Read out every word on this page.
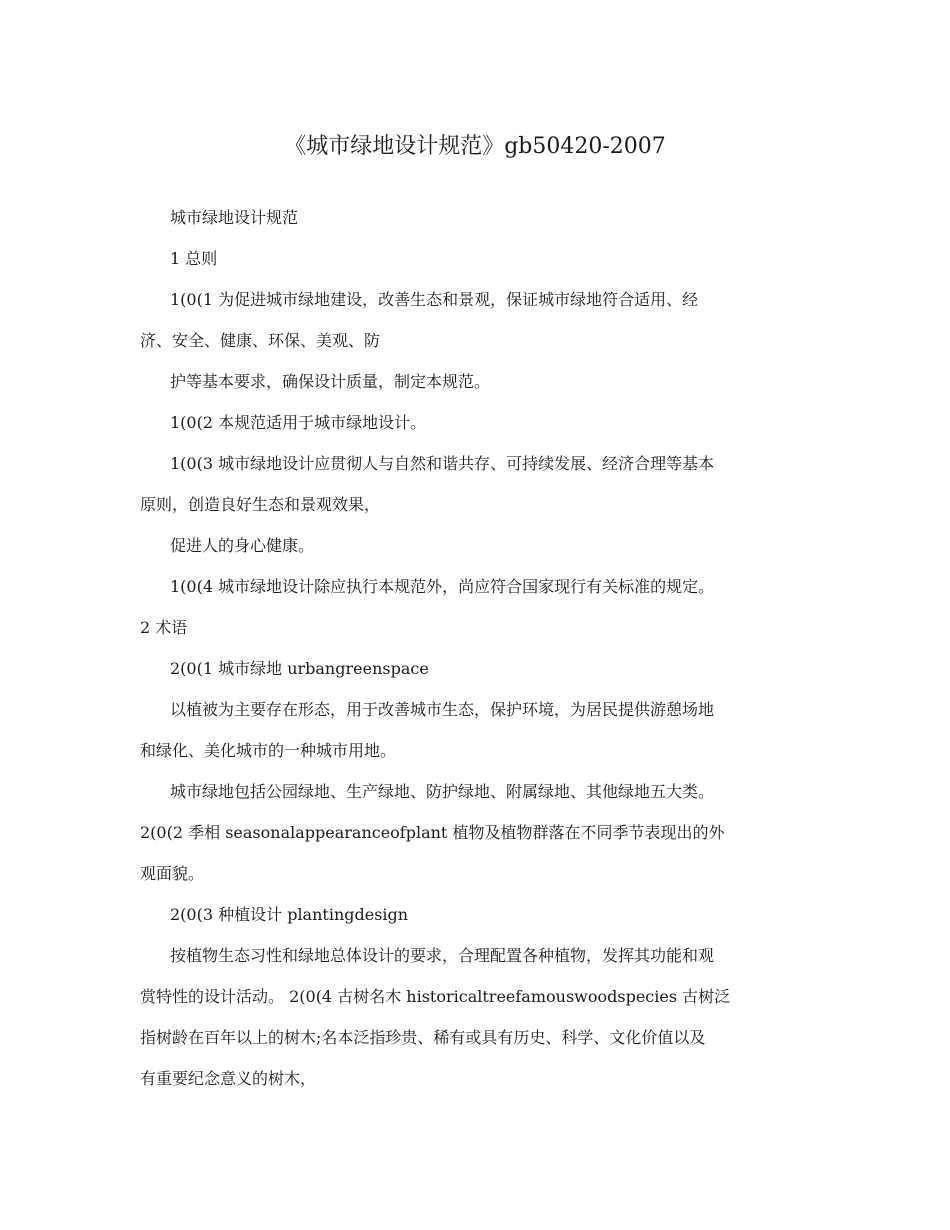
《城市绿地设计规范》gb50420-2007

城市绿地设计规范

1 总则

1(0(1 为促进城市绿地建设，改善生态和景观，保证城市绿地符合适用、经

济、安全、健康、环保、美观、防

护等基本要求，确保设计质量，制定本规范。

1(0(2 本规范适用于城市绿地设计。

1(0(3 城市绿地设计应贯彻人与自然和谐共存、可持续发展、经济合理等基本

原则，创造良好生态和景观效果，

促进人的身心健康。

1(0(4 城市绿地设计除应执行本规范外，尚应符合国家现行有关标准的规定。

2 术语

2(0(1 城市绿地 urbangreenspace

以植被为主要存在形态，用于改善城市生态，保护环境，为居民提供游憩场地

和绿化、美化城市的一种城市用地。

城市绿地包括公园绿地、生产绿地、防护绿地、附属绿地、其他绿地五大类。

2(0(2 季相 seasonalappearanceofplant 植物及植物群落在不同季节表现出的外

观面貌。

2(0(3 种植设计 plantingdesign

按植物生态习性和绿地总体设计的要求，合理配置各种植物，发挥其功能和观

赏特性的设计活动。 2(0(4 古树名木 historicaltreefamouswoodspecies 古树泛

指树龄在百年以上的树木;名本泛指珍贵、稀有或具有历史、科学、文化价值以及

有重要纪念意义的树木，
